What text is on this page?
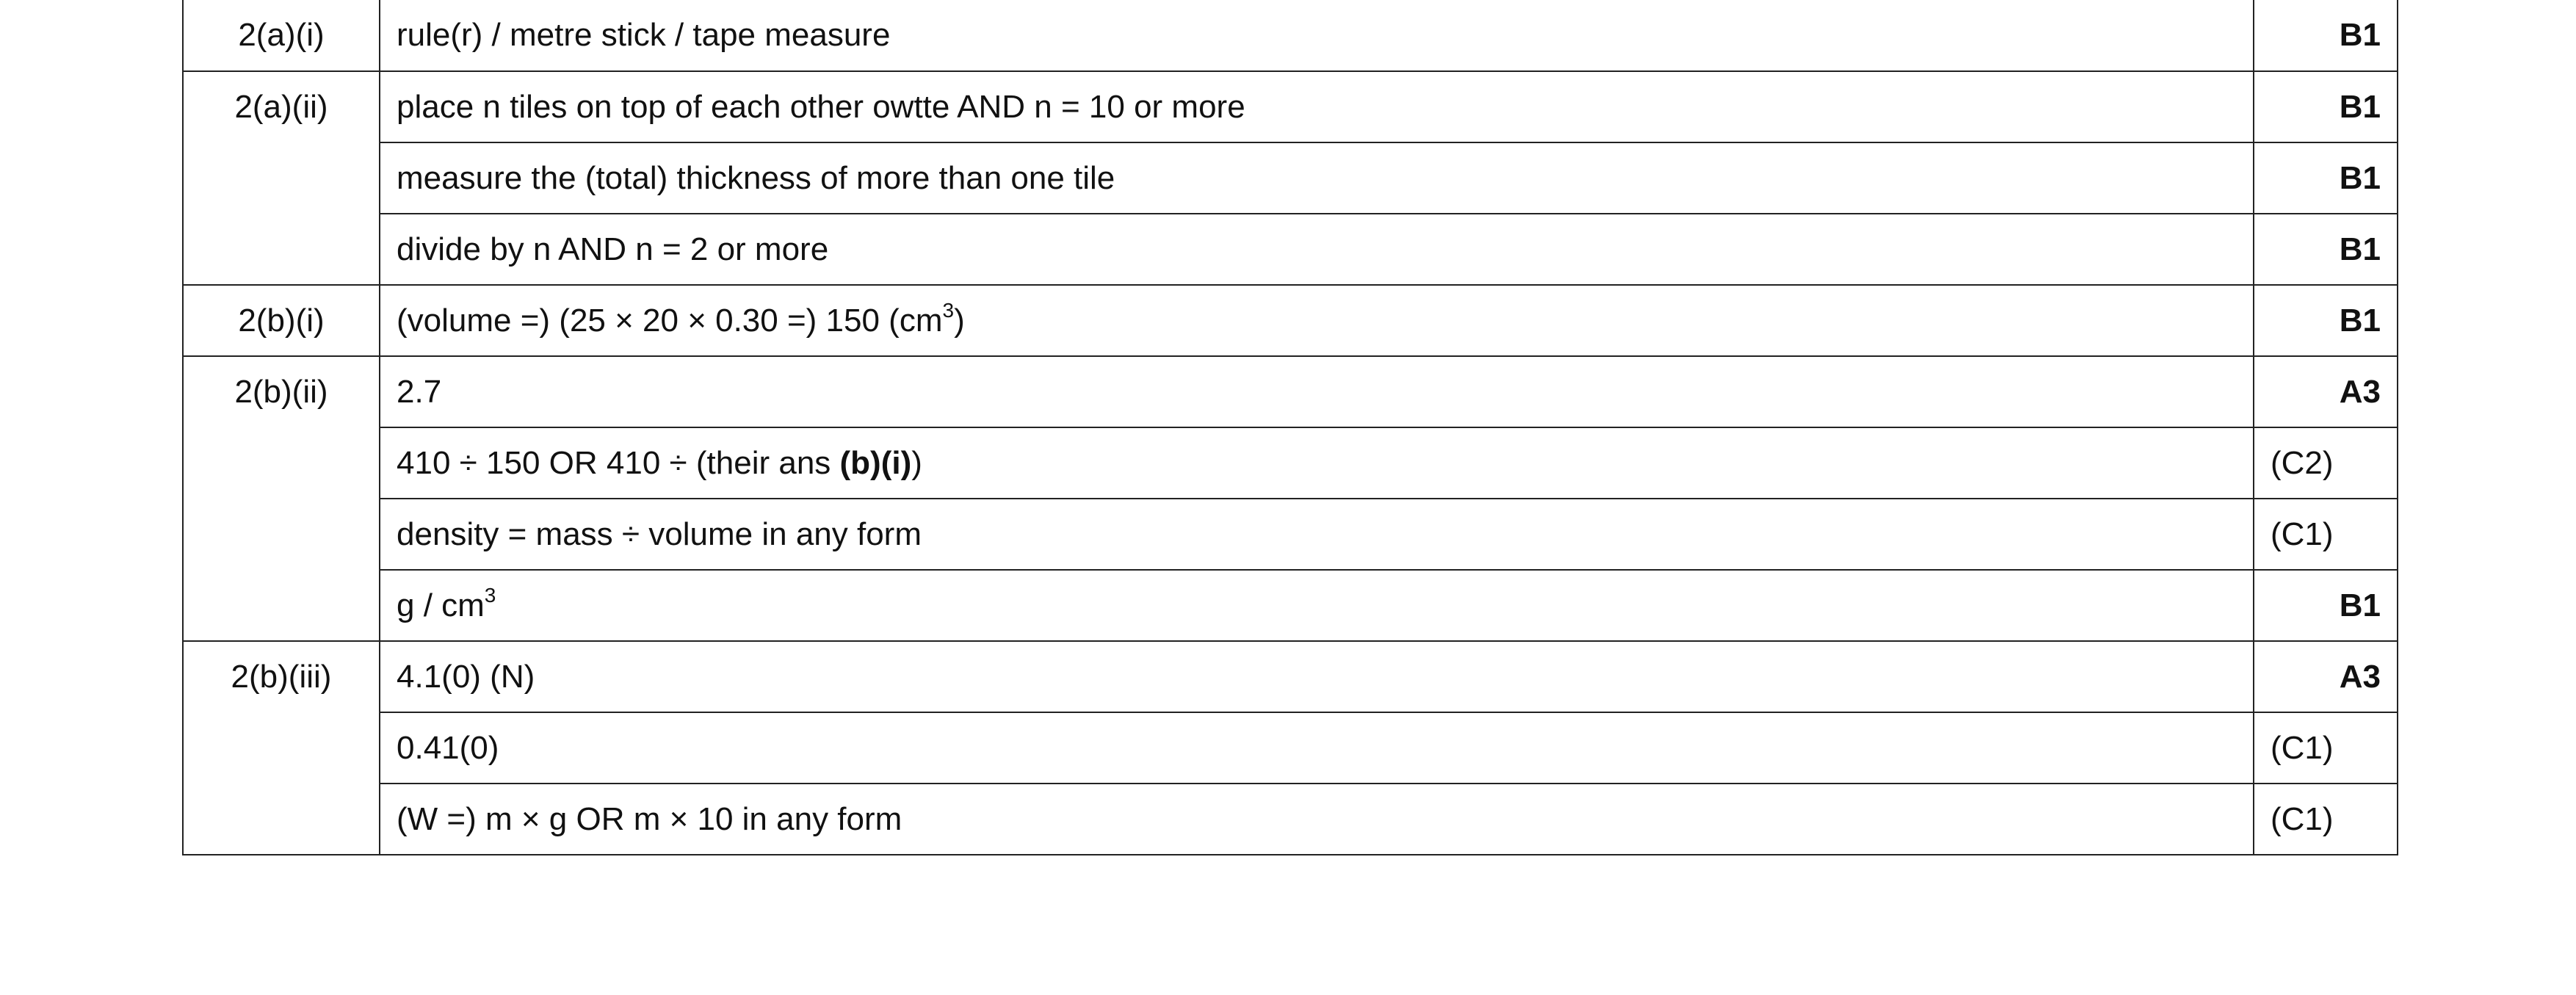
2(a)(i)	rule(r) / metre stick / tape measure	B1
2(a)(ii)	place n tiles on top of each other owtte AND n = 10 or more	B1
	measure the (total) thickness of more than one tile	B1
	divide by n AND n = 2 or more	B1
2(b)(i)	(volume =) (25 × 20 × 0.30 =) 150 $(cm^3)$	B1
2(b)(ii)	2.7	A3
	410 ÷ 150 OR 410 ÷ (their ans (b)(i))	(C2)
	density = mass ÷ volume in any form	(C1)
	g / $cm^3$	B1
2(b)(iii)	4.1(0) (N)	A3
	0.41(0)	(C1)
	(W =) m × g OR m × 10 in any form	(C1)
